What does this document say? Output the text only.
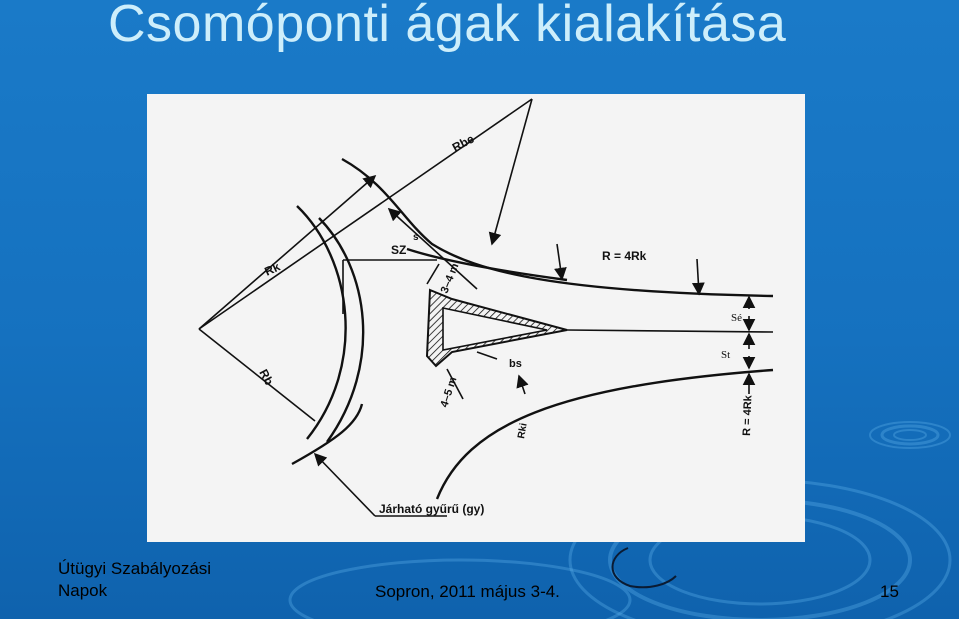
Csomóponti ágak kialakítása
Rbe
Rk
Rb
SZ
s
3–4 m
R = 4Rk
Sé
St
bs
4–5 m
Rki	R = 4Rk
Járható gyűrű (gy)
Útügyi Szabályozási
Napok	Sopron, 2011 május 3-4.	15
